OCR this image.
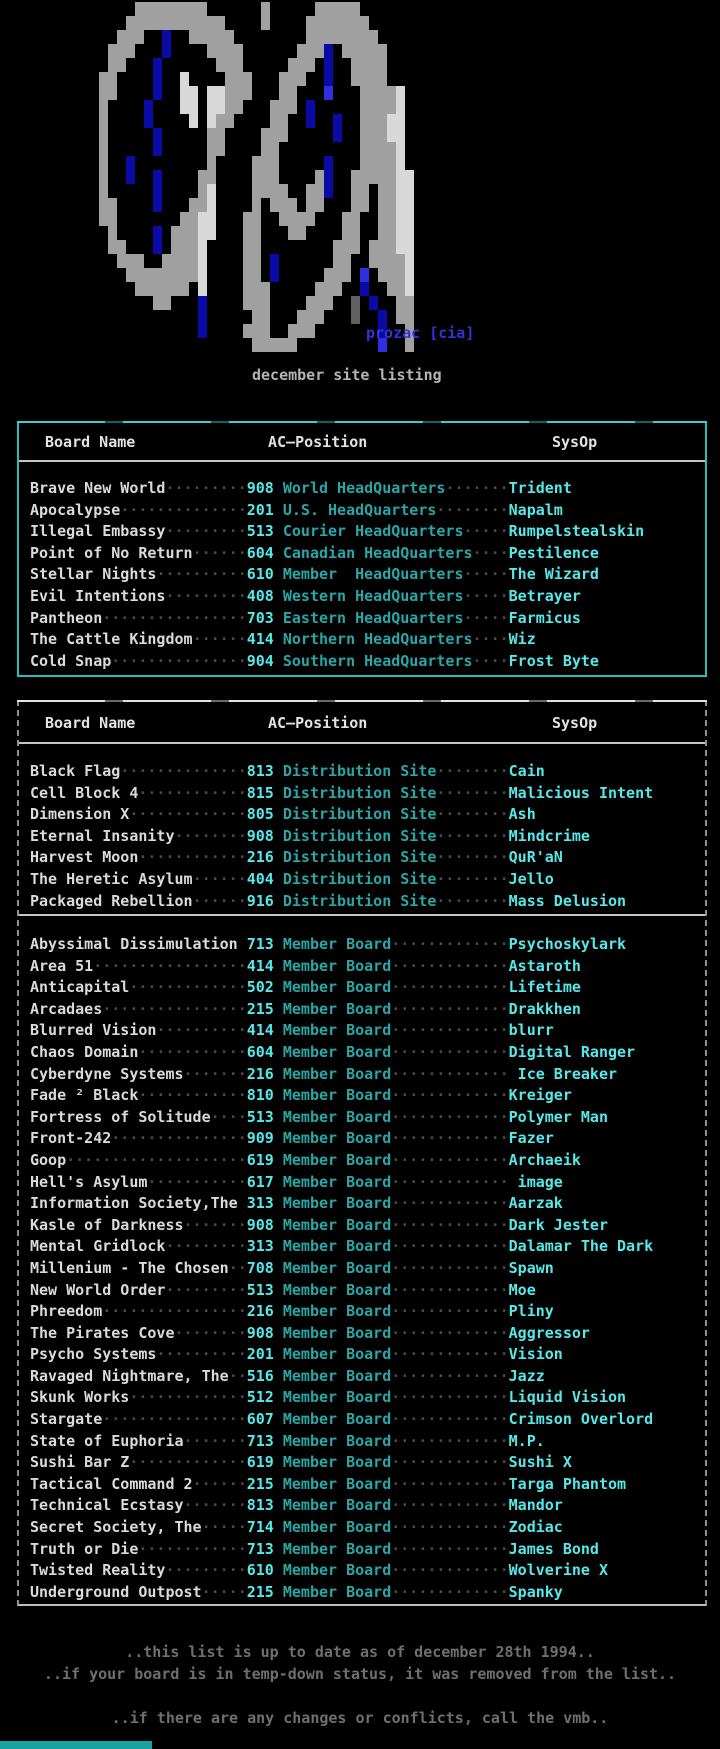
prozac [cia]
december site listing
Board Name	AC—Position	SysOp
Brave New World·········908 World HeadQuarters·······Trident
Apocalypse··············201 U.S. HeadQuarters········Napalm
Illegal Embassy·········513 Courier HeadQuarters·····Rumpelstealskin
Point of No Return······604 Canadian HeadQuarters····Pestilence
Stellar Nights··········610 Member  HeadQuarters·····The Wizard
Evil Intentions·········408 Western HeadQuarters·····Betrayer
Pantheon················703 Eastern HeadQuarters·····Farmicus
The Cattle Kingdom······414 Northern HeadQuarters····Wiz
Cold Snap···············904 Southern HeadQuarters····Frost Byte
Board Name	AC—Position	SysOp
Black Flag··············813 Distribution Site········Cain
Cell Block 4············815 Distribution Site········Malicious Intent
Dimension X·············805 Distribution Site········Ash
Eternal Insanity········908 Distribution Site········Mindcrime
Harvest Moon············216 Distribution Site········QuR'aN
The Heretic Asylum······404 Distribution Site········Jello
Packaged Rebellion······916 Distribution Site········Mass Delusion
Abyssimal Dissimulation 713 Member Board·············Psychoskylark
Area 51·················414 Member Board·············Astaroth
Anticapital·············502 Member Board·············Lifetime
Arcadaes················215 Member Board·············Drakkhen
Blurred Vision··········414 Member Board·············blurr
Chaos Domain············604 Member Board·············Digital Ranger
Cyberdyne Systems·······216 Member Board············· Ice Breaker
Fade ² Black············810 Member Board·············Kreiger
Fortress of Solitude····513 Member Board·············Polymer Man
Front-242···············909 Member Board·············Fazer
Goop····················619 Member Board·············Archaeik
Hell's Asylum···········617 Member Board············· image
Information Society,The 313 Member Board·············Aarzak
Kasle of Darkness·······908 Member Board·············Dark Jester
Mental Gridlock·········313 Member Board·············Dalamar The Dark
Millenium - The Chosen··708 Member Board·············Spawn
New World Order·········513 Member Board·············Moe
Phreedom················216 Member Board·············Pliny
The Pirates Cove········908 Member Board·············Aggressor
Psycho Systems··········201 Member Board·············Vision
Ravaged Nightmare, The··516 Member Board·············Jazz
Skunk Works·············512 Member Board·············Liquid Vision
Stargate················607 Member Board·············Crimson Overlord
State of Euphoria·······713 Member Board·············M.P.
Sushi Bar Z·············619 Member Board·············Sushi X
Tactical Command 2······215 Member Board·············Targa Phantom
Technical Ecstasy·······813 Member Board·············Mandor
Secret Society, The·····714 Member Board·············Zodiac
Truth or Die············713 Member Board·············James Bond
Twisted Reality·········610 Member Board·············Wolverine X
Underground Outpost·····215 Member Board·············Spanky
..this list is up to date as of december 28th 1994..
..if your board is in temp-down status, it was removed from the list..
..if there are any changes or conflicts, call the vmb..
